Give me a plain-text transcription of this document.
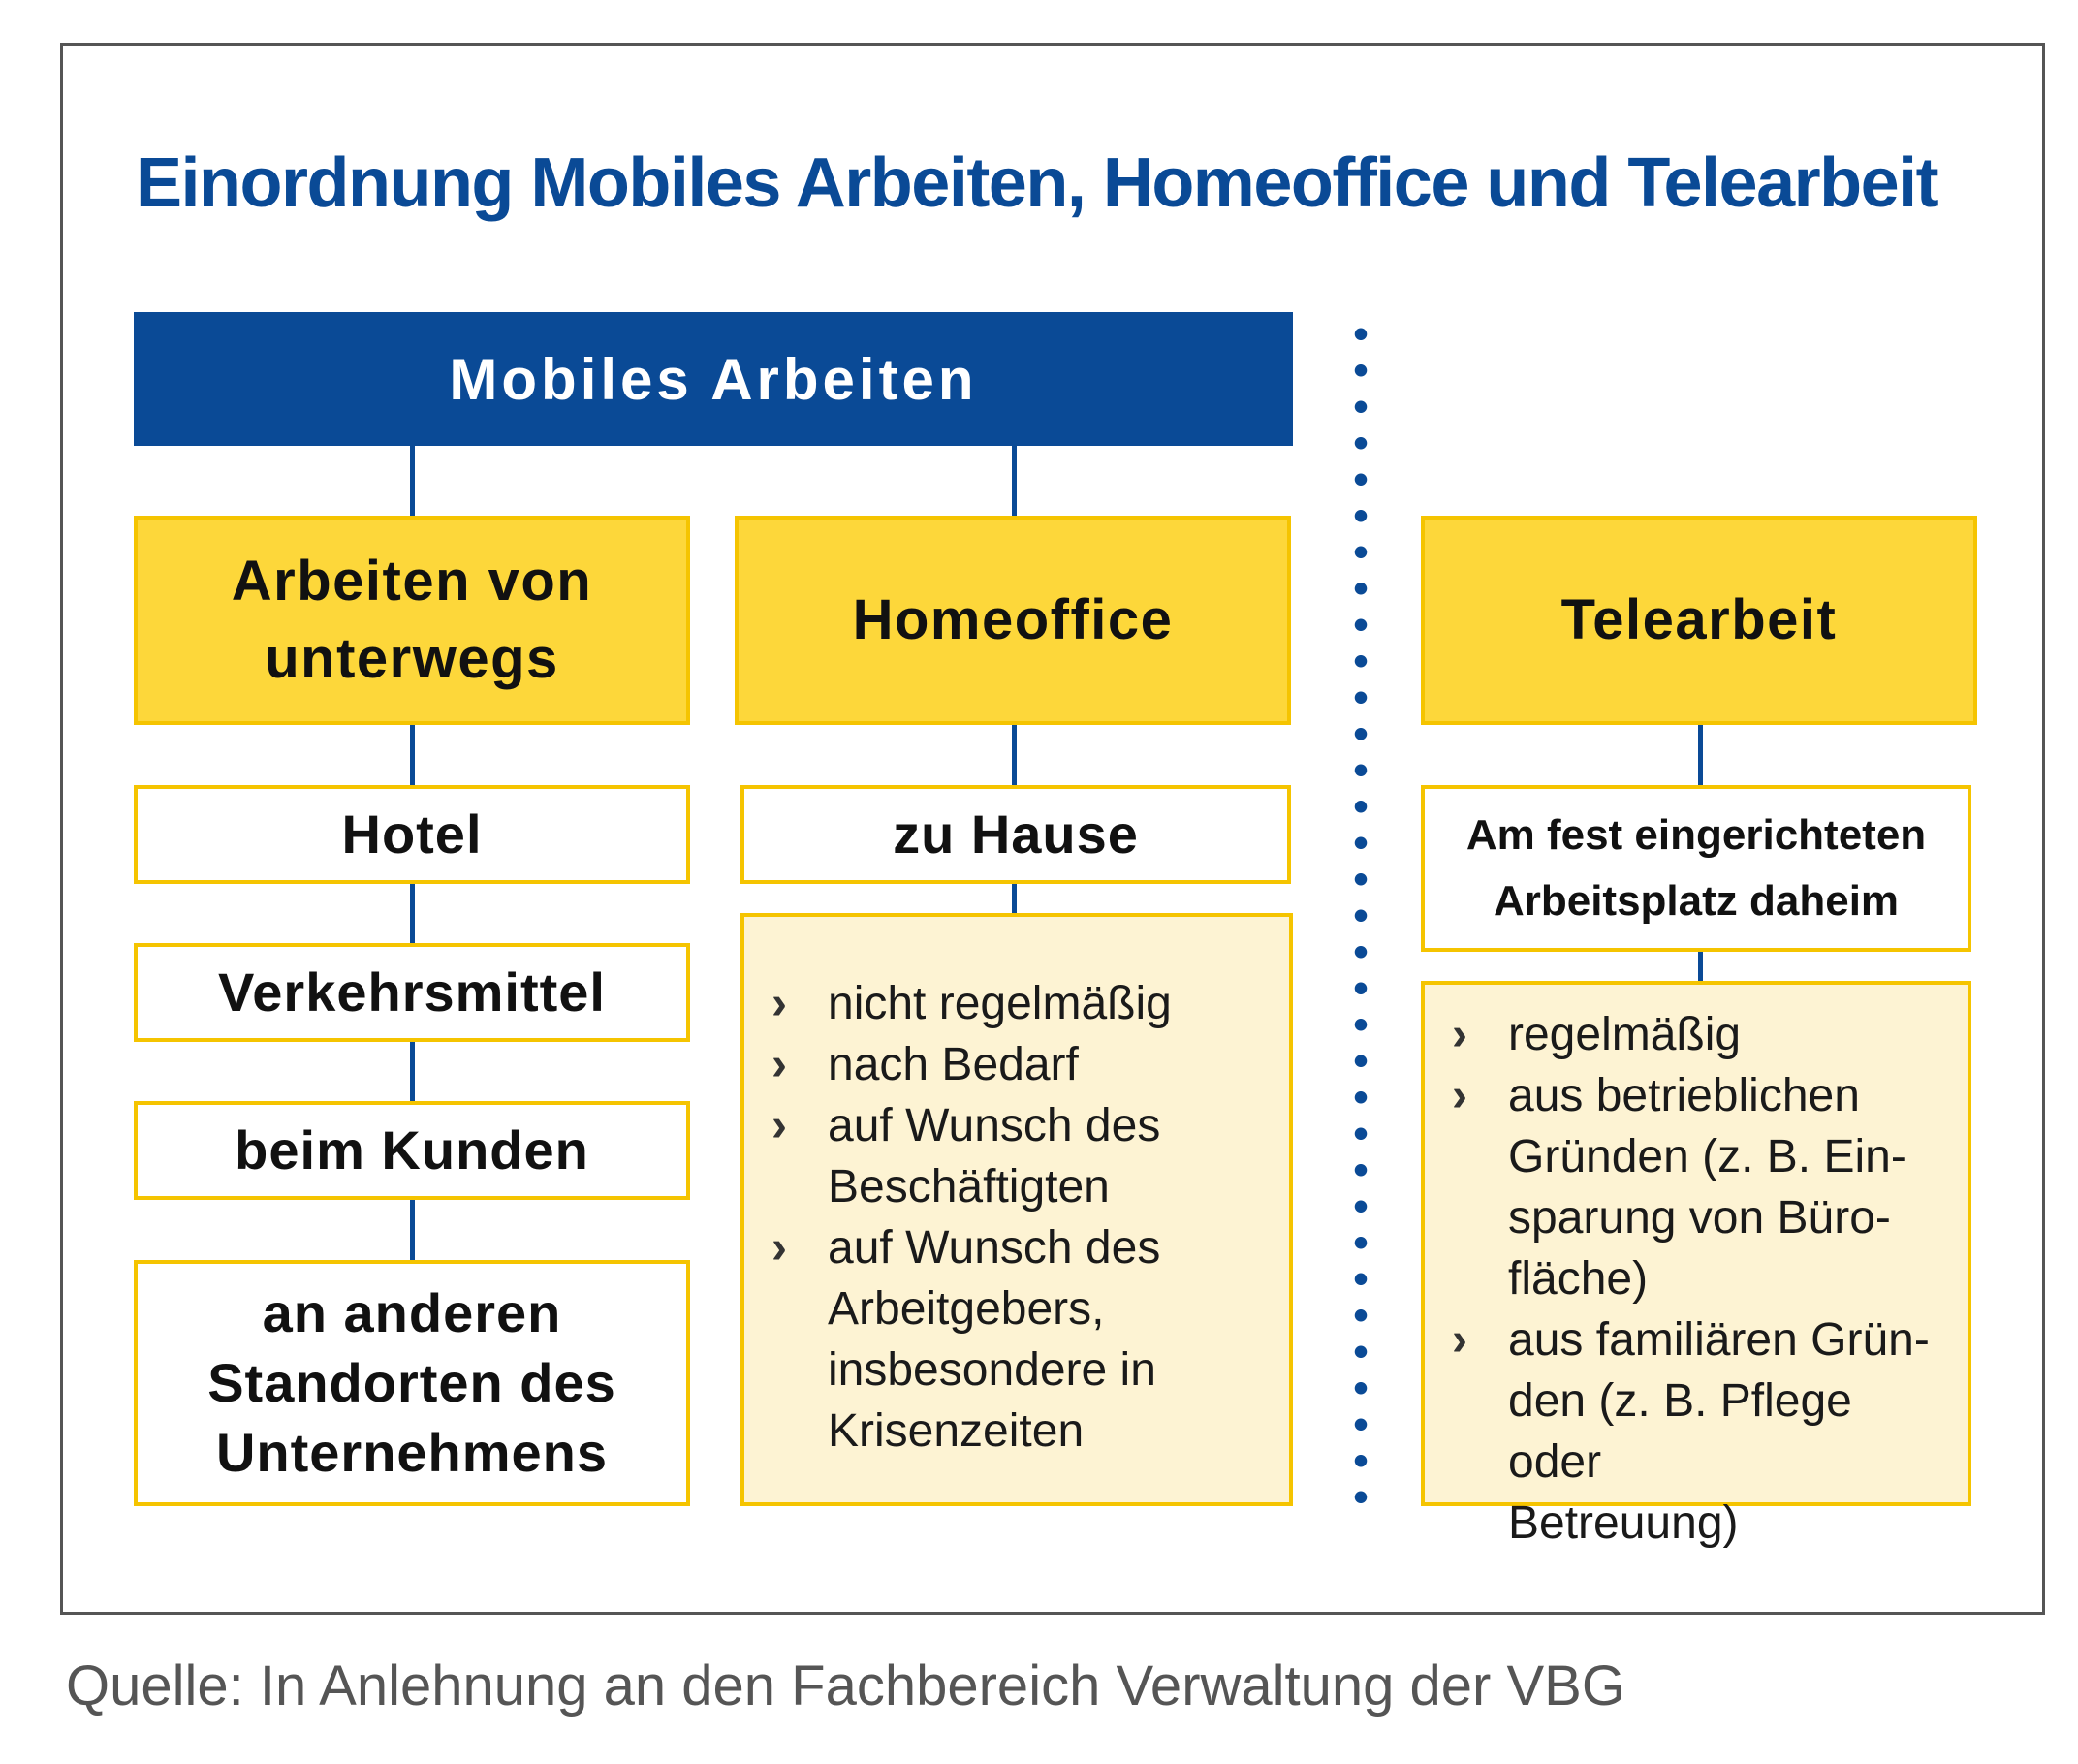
Einordnung Mobiles Arbeiten, Homeoffice und Telearbeit
Mobiles Arbeiten
Arbeiten von
unterwegs
Hotel
Verkehrsmittel
beim Kunden
an anderen
Standorten des
Unternehmens
Homeoffice
zu Hause
› nicht regelmäßig
› nach Bedarf
› auf Wunsch des
Beschäftigten
› auf Wunsch des
Arbeitgebers,
insbesondere in
Krisenzeiten
Telearbeit
Am fest eingerichteten
Arbeitsplatz daheim
› regelmäßig
› aus betrieblichen
Gründen (z. B. Ein-
sparung von Büro-
fläche)
› aus familiären Grün-
den (z. B. Pflege oder
Betreuung)
Quelle: In Anlehnung an den Fachbereich Verwaltung der VBG
